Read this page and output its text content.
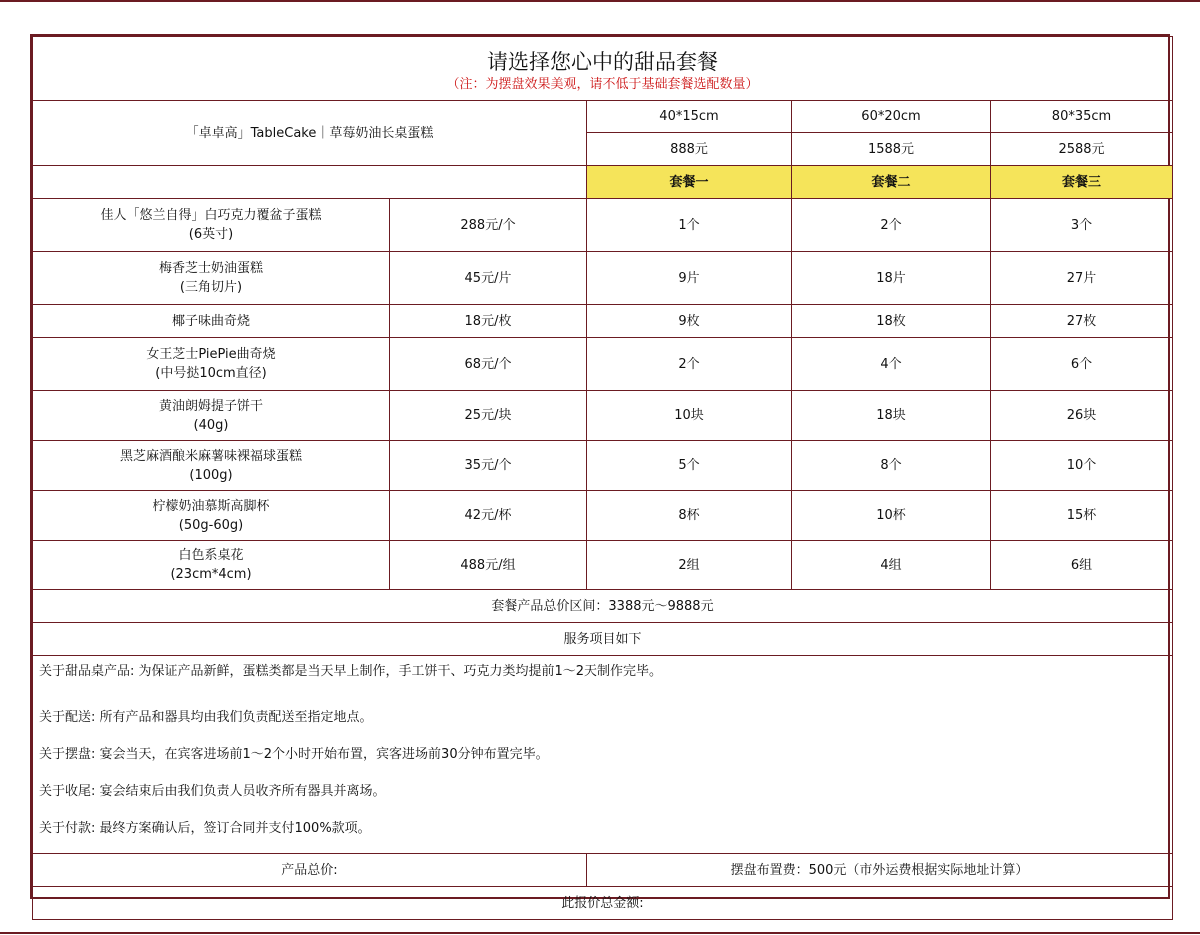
请选择您心中的甜品套餐
（注：为摆盘效果美观，请不低于基础套餐选配数量）				

「卓卓高」TableCake｜草莓奶油长桌蛋糕		40*15cm	60*20cm	80*35cm
		888元	1588元	2588元
		套餐一	套餐二	套餐三

佳人「悠兰自得」白巧克力覆盆子蛋糕
(6英寸)	288元/个	1个	2个	3个

梅香芝士奶油蛋糕
(三角切片)	45元/片	9片	18片	27片
椰子味曲奇烧	18元/枚	9枚	18枚	27枚

女王芝士PiePie曲奇烧
(中号挞10cm直径)	68元/个	2个	4个	6个

黄油朗姆提子饼干
(40g)	25元/块	10块	18块	26块

黑芝麻酒酿米麻薯味裸福球蛋糕
(100g)	35元/个	5个	8个	10个

柠檬奶油慕斯高脚杯
(50g-60g)	42元/杯	8杯	10杯	15杯

白色系桌花
(23cm*4cm)	488元/组	2组	4组	6组
套餐产品总价区间：3388元～9888元				
服务项目如下				

关于甜品桌产品: 为保证产品新鲜，蛋糕类都是当天早上制作，手工饼干、巧克力类均提前1～2天制作完毕。
关于配送: 所有产品和器具均由我们负责配送至指定地点。
关于摆盘: 宴会当天，在宾客进场前1～2个小时开始布置，宾客进场前30分钟布置完毕。
关于收尾: 宴会结束后由我们负责人员收齐所有器具并离场。
关于付款: 最终方案确认后，签订合同并支付100%款项。				

产品总价:		摆盘布置费：500元（市外运费根据实际地址计算）		
此报价总金额:				
